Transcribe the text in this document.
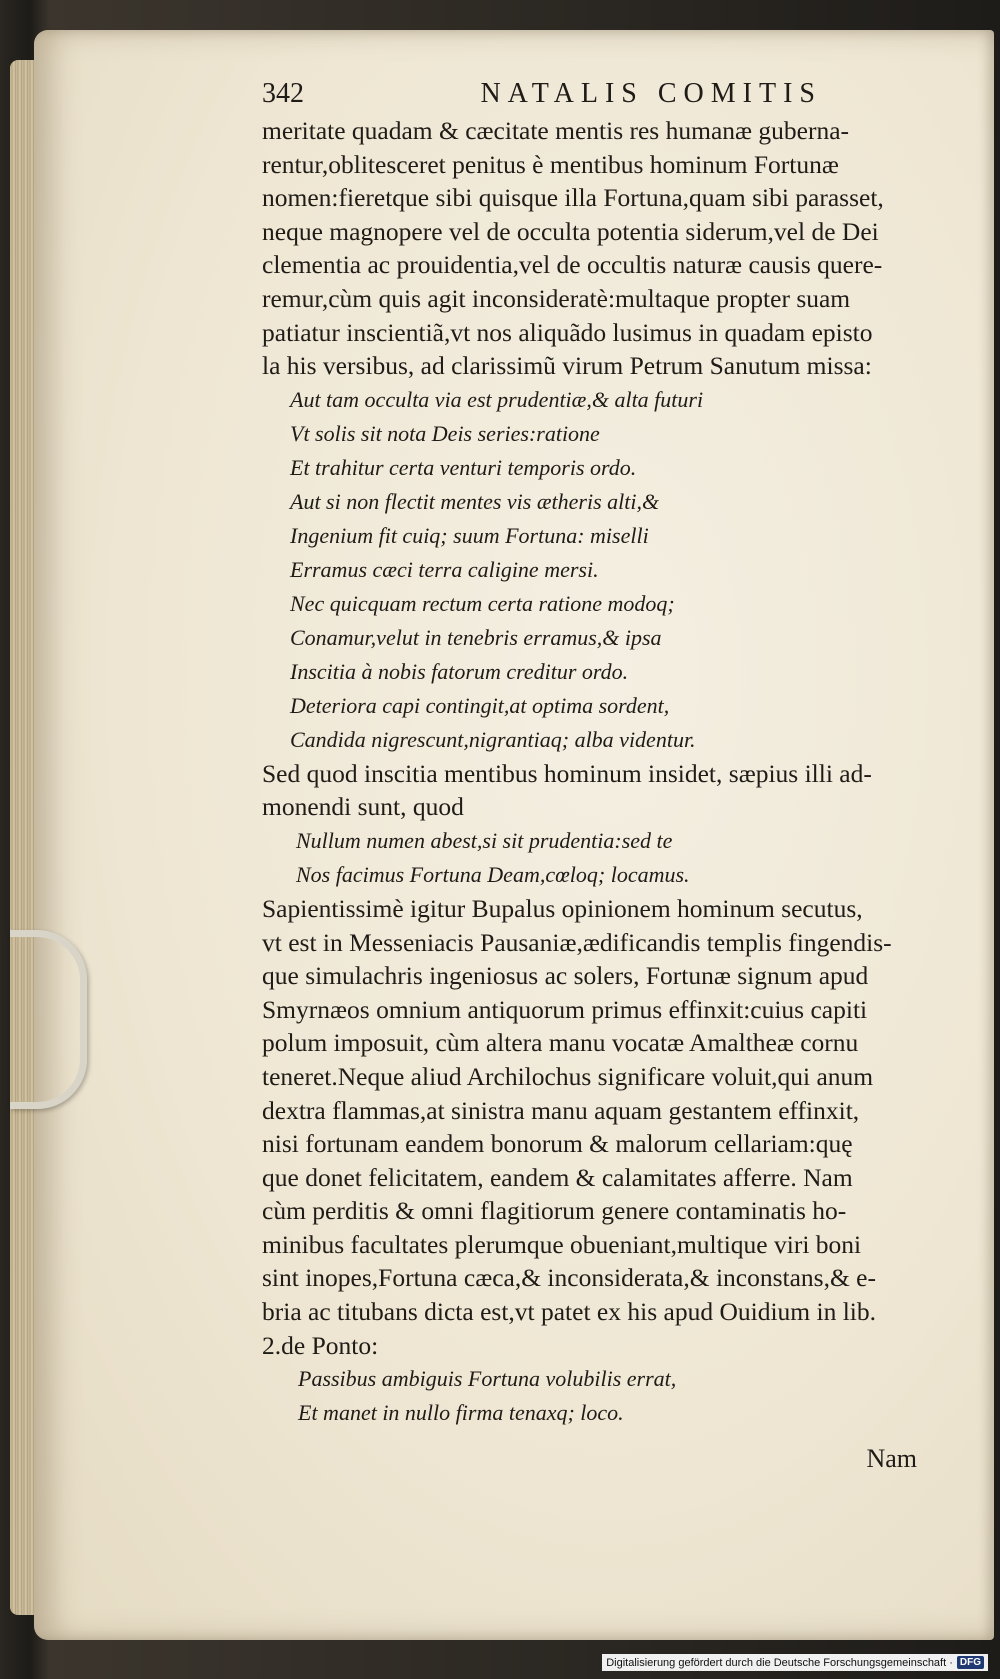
342	NATALIS COMITIS
meritate quadam & cæcitate mentis res humanæ guberna-
rentur,oblitesceret penitus è mentibus hominum Fortunæ
nomen:fieretque sibi quisque illa Fortuna,quam sibi parasset,
neque magnopere vel de occulta potentia siderum,vel de Dei
clementia ac prouidentia,vel de occultis naturæ causis quere-
remur,cùm quis agit inconsideratè:multaque propter suam
patiatur inscientiã,vt nos aliquãdo lusimus in quadam episto
la his versibus, ad clarissimũ virum Petrum Sanutum missa:
Aut tam occulta via est prudentiæ,& alta futuri
Vt solis sit nota Deis series:ratione
Et trahitur certa venturi temporis ordo.
Aut si non flectit mentes vis ætheris alti,&
Ingenium fit cuiq; suum Fortuna: miselli
Erramus cæci terra caligine mersi.
Nec quicquam rectum certa ratione modoq;
Conamur,velut in tenebris erramus,& ipsa
Inscitia à nobis fatorum creditur ordo.
Deteriora capi contingit,at optima sordent,
Candida nigrescunt,nigrantiaq; alba videntur.
Sed quod inscitia mentibus hominum insidet, sæpius illi ad-
monendi sunt, quod
Nullum numen abest,si sit prudentia:sed te
Nos facimus Fortuna Deam,cœloq; locamus.
Sapientissimè igitur Bupalus opinionem hominum secutus,
vt est in Messeniacis Pausaniæ,ædificandis templis fingendis-
que simulachris ingeniosus ac solers, Fortunæ signum apud
Smyrnæos omnium antiquorum primus effinxit:cuius capiti
polum imposuit, cùm altera manu vocatæ Amaltheæ cornu
teneret.Neque aliud Archilochus significare voluit,qui anum
dextra flammas,at sinistra manu aquam gestantem effinxit,
nisi fortunam eandem bonorum & malorum cellariam:quę
que donet felicitatem, eandem & calamitates afferre. Nam
cùm perditis & omni flagitiorum genere contaminatis ho-
minibus facultates plerumque obueniant,multique viri boni
sint inopes,Fortuna cæca,& inconsiderata,& inconstans,& e-
bria ac titubans dicta est,vt patet ex his apud Ouidium in lib.
2.de Ponto:
Passibus ambiguis Fortuna volubilis errat,
Et manet in nullo firma tenaxq; loco.
Nam
Digitalisierung gefördert durch die Deutsche Forschungsgemeinschaft · DFG
